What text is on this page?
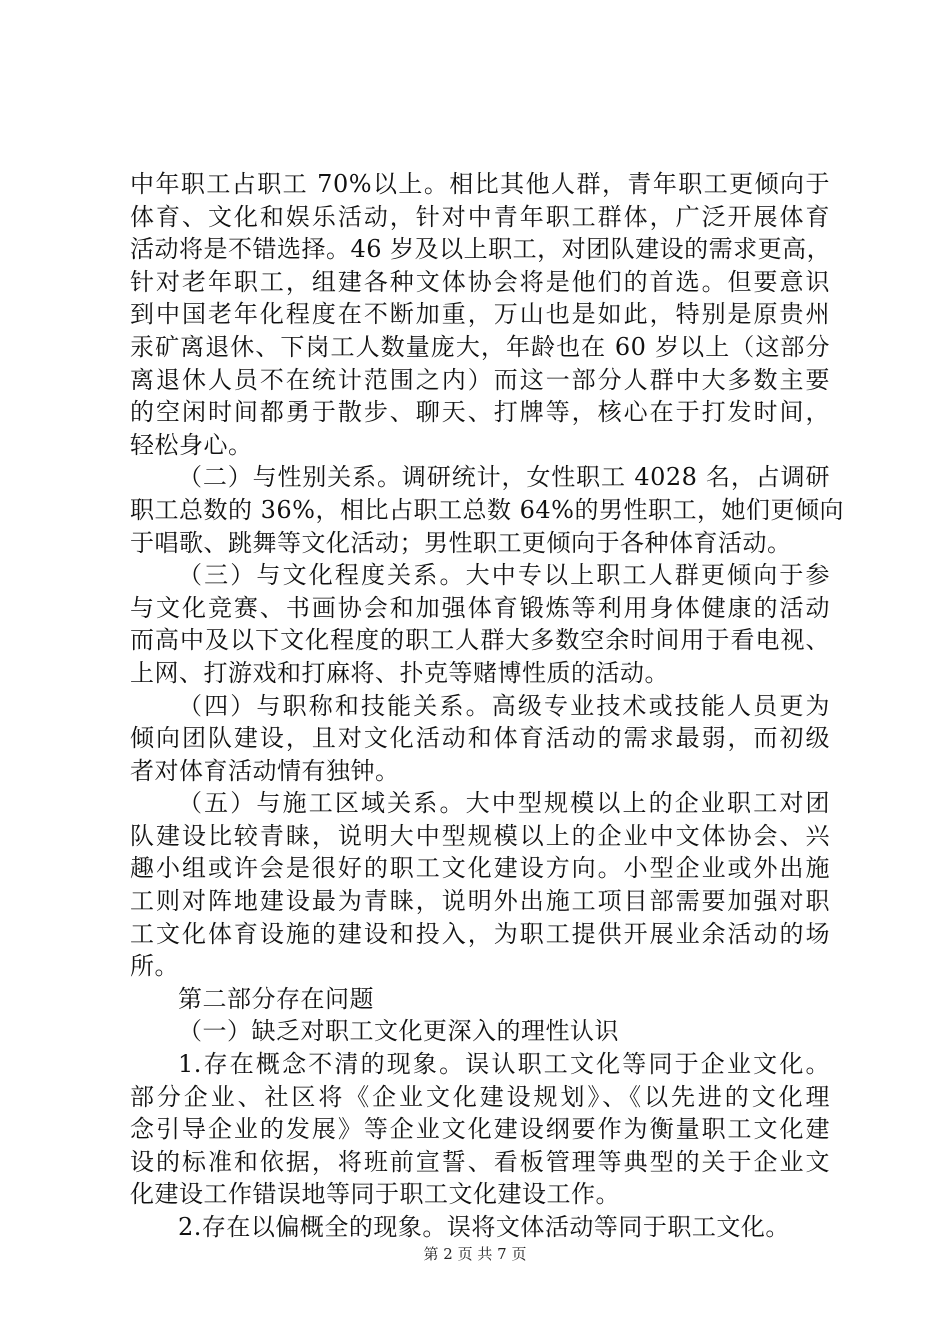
中年职工占职工 70%以上。相比其他人群，青年职工更倾向于
体育、文化和娱乐活动，针对中青年职工群体，广泛开展体育
活动将是不错选择。46 岁及以上职工，对团队建设的需求更高，
针对老年职工，组建各种文体协会将是他们的首选。但要意识
到中国老年化程度在不断加重，万山也是如此，特别是原贵州
汞矿离退休、下岗工人数量庞大，年龄也在 60 岁以上（这部分
离退休人员不在统计范围之内）而这一部分人群中大多数主要
的空闲时间都勇于散步、聊天、打牌等，核心在于打发时间，
轻松身心。
（二）与性别关系。调研统计，女性职工 4028 名，占调研
职工总数的 36%，相比占职工总数 64%的男性职工，她们更倾向
于唱歌、跳舞等文化活动；男性职工更倾向于各种体育活动。
（三）与文化程度关系。大中专以上职工人群更倾向于参
与文化竞赛、书画协会和加强体育锻炼等利用身体健康的活动
而高中及以下文化程度的职工人群大多数空余时间用于看电视、
上网、打游戏和打麻将、扑克等赌博性质的活动。
（四）与职称和技能关系。高级专业技术或技能人员更为
倾向团队建设，且对文化活动和体育活动的需求最弱，而初级
者对体育活动情有独钟。
（五）与施工区域关系。大中型规模以上的企业职工对团
队建设比较青睐，说明大中型规模以上的企业中文体协会、兴
趣小组或许会是很好的职工文化建设方向。小型企业或外出施
工则对阵地建设最为青睐，说明外出施工项目部需要加强对职
工文化体育设施的建设和投入，为职工提供开展业余活动的场
所。
第二部分存在问题
（一）缺乏对职工文化更深入的理性认识
1.存在概念不清的现象。误认职工文化等同于企业文化。
部分企业、社区将《企业文化建设规划》、《以先进的文化理
念引导企业的发展》等企业文化建设纲要作为衡量职工文化建
设的标准和依据，将班前宣誓、看板管理等典型的关于企业文
化建设工作错误地等同于职工文化建设工作。
2.存在以偏概全的现象。误将文体活动等同于职工文化。
第 2 页 共 7 页
